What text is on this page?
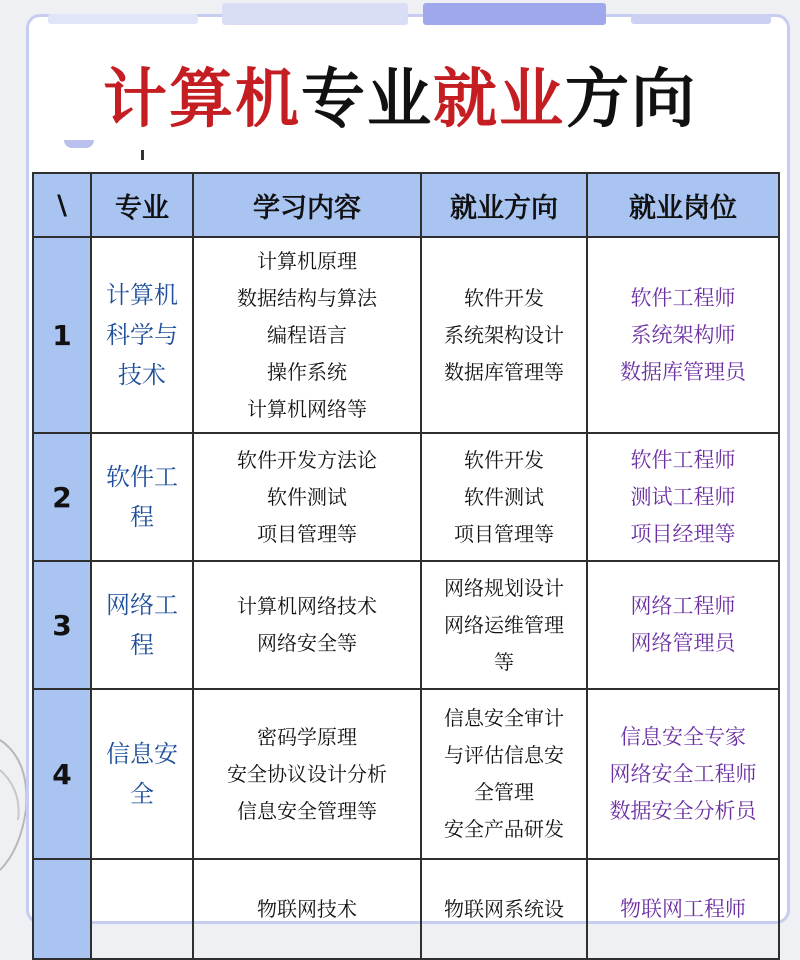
计算机专业就业方向
\	专业	学习内容	就业方向	就业岗位
1	计算机
科学与
技术	计算机原理
数据结构与算法
编程语言
操作系统
计算机网络等	软件开发
系统架构设计
数据库管理等	软件工程师
系统架构师
数据库管理员

2	软件工
程	软件开发方法论
软件测试
项目管理等	软件开发
软件测试
项目管理等	软件工程师
测试工程师
项目经理等

3	网络工
程	计算机网络技术
网络安全等	网络规划设计
网络运维管理
等	网络工程师
网络管理员

4	信息安
全	密码学原理
安全协议设计分析
信息安全管理等	信息安全审计
与评估信息安
全管理
安全产品研发	信息安全专家
网络安全工程师
数据安全分析员

		物联网技术	物联网系统设	物联网工程师
